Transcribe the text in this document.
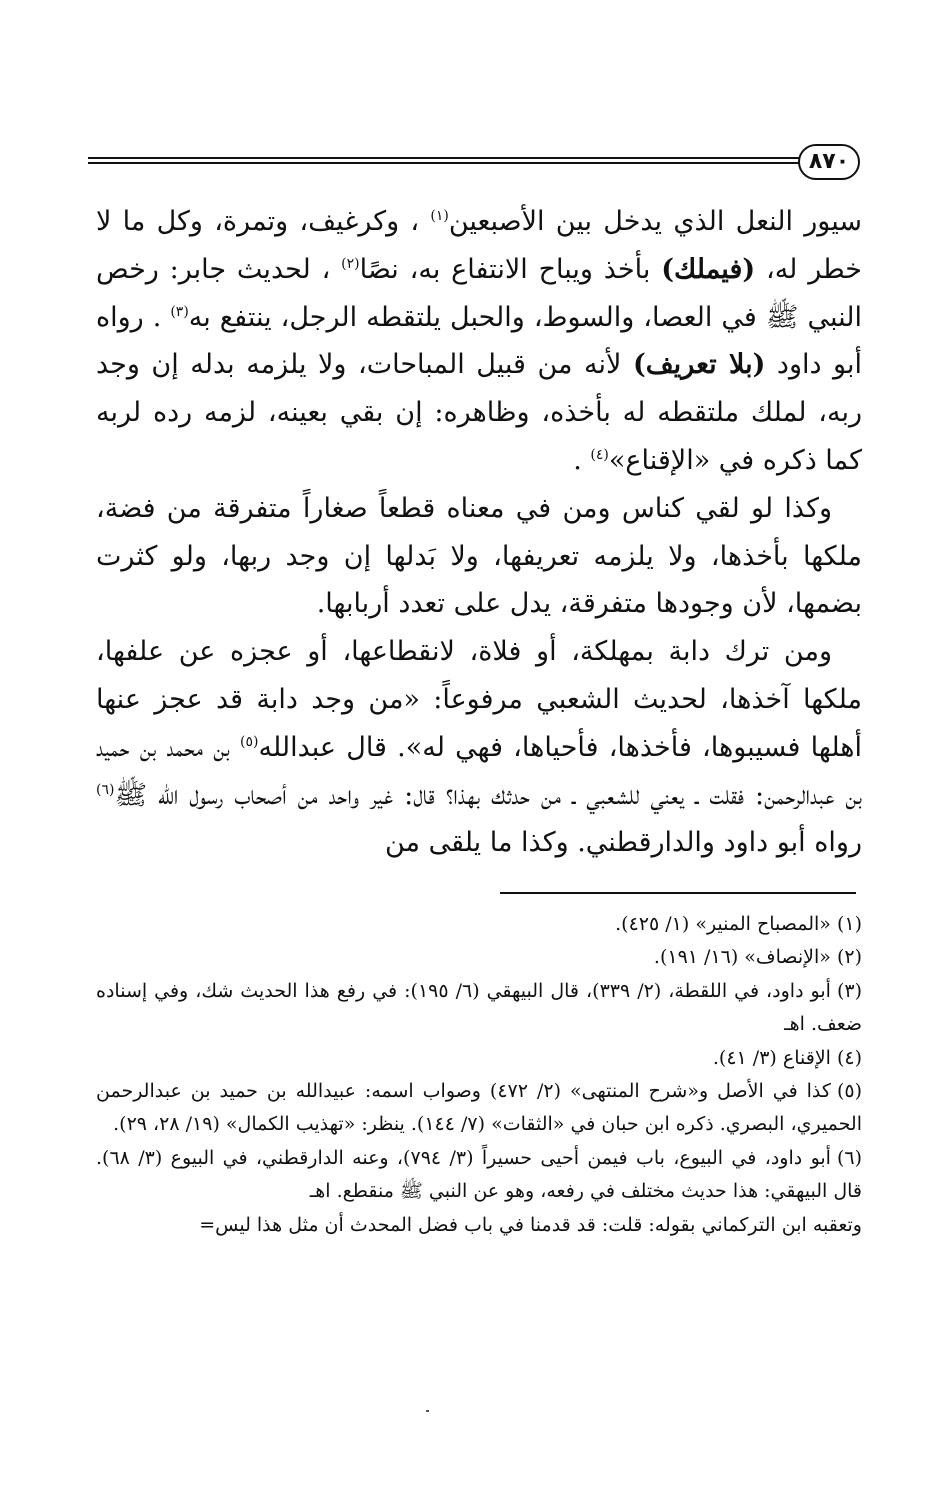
٨٧٠

سيور النعل الذي يدخل بين الأصبعين$^{(١)}$ ، وكرغيف، وتمرة، وكل ما لا خطر له، (فيملك) بأخذ ويباح الانتفاع به، نصًا$^{(٢)}$ ، لحديث جابر: رخص النبي ﷺ في العصا، والسوط، والحبل يلتقطه الرجل، ينتفع به$^{(٣)}$ . رواه أبو داود (بلا تعريف) لأنه من قبيل المباحات، ولا يلزمه بدله إن وجد ربه، لملك ملتقطه له بأخذه، وظاهره: إن بقي بعينه، لزمه رده لربه كما ذكره في «الإقناع»$^{(٤)}$ .

وكذا لو لقي كناس ومن في معناه قطعاً صغاراً متفرقة من فضة، ملكها بأخذها، ولا يلزمه تعريفها، ولا بَدلها إن وجد ربها، ولو كثرت بضمها، لأن وجودها متفرقة، يدل على تعدد أربابها.

ومن ترك دابة بمهلكة، أو فلاة، لانقطاعها، أو عجزه عن علفها، ملكها آخذها، لحديث الشعبي مرفوعاً: «من وجد دابة قد عجز عنها أهلها فسيبوها، فأخذها، فأحياها، فهي له». قال عبدالله$^{(٥)}$ بن محمد بن حميد بن عبدالرحمن: فقلت ـ يعني للشعبي ـ من حدثك بهذا؟ قال: غير واحد من أصحاب رسول الله ﷺ$^{(٦)}$ رواه أبو داود والدارقطني. وكذا ما يلقى من

(١)«المصباح المنير» (١/ ٤٢٥).

(٢)«الإنصاف» (١٦/ ١٩١).

(٣)أبو داود، في اللقطة، (٢/ ٣٣٩)، قال البيهقي (٦/ ١٩٥): في رفع هذا الحديث شك، وفي إسناده ضعف. اهـ

(٤)الإقناع (٣/ ٤١).

(٥)كذا في الأصل و«شرح المنتهى» (٢/ ٤٧٢) وصواب اسمه: عبيدالله بن حميد بن عبدالرحمن الحميري، البصري. ذكره ابن حبان في «الثقات» (٧/ ١٤٤). ينظر: «تهذيب الكمال» (١٩/ ٢٨، ٢٩).

(٦)أبو داود، في البيوع، باب فيمن أحيى حسيراً (٣/ ٧٩٤)، وعنه الدارقطني، في البيوع (٣/ ٦٨). قال البيهقي: هذا حديث مختلف في رفعه، وهو عن النبي ﷺ منقطع. اهـ

وتعقبه ابن التركماني بقوله: قلت: قد قدمنا في باب فضل المحدث أن مثل هذا ليس=
